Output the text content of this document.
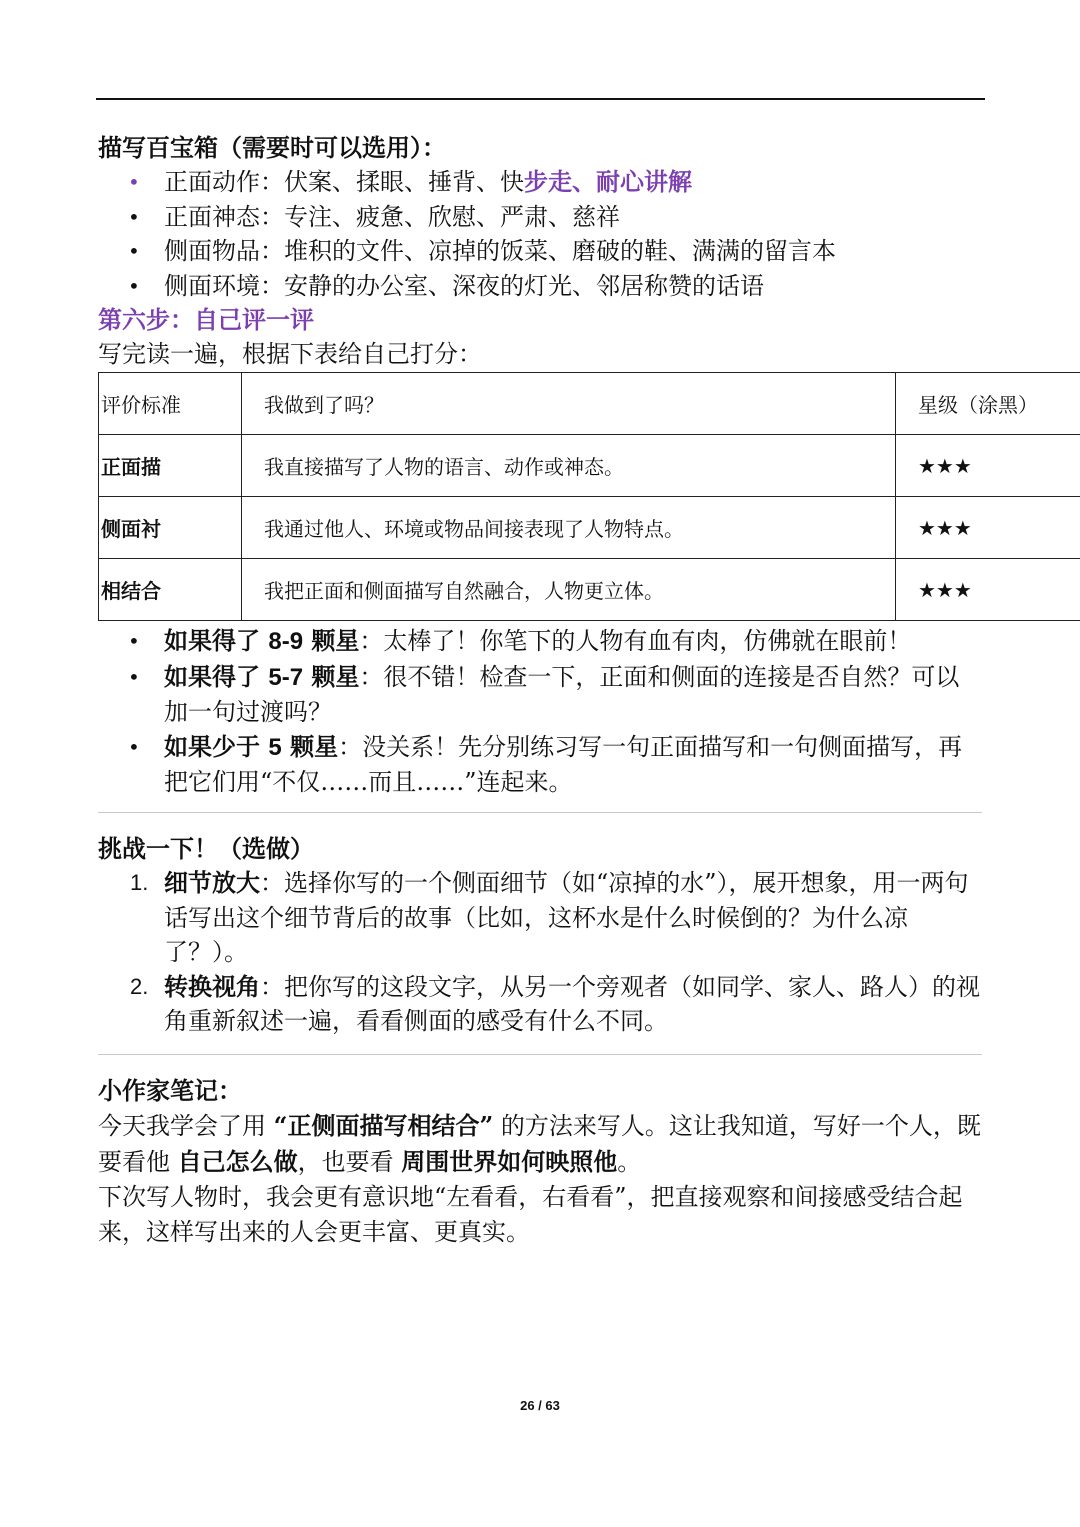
描写百宝箱（需要时可以选用）：
• 正面动作：伏案、揉眼、捶背、快步走、耐心讲解
• 正面神态：专注、疲惫、欣慰、严肃、慈祥
• 侧面物品：堆积的文件、凉掉的饭菜、磨破的鞋、满满的留言本
• 侧面环境：安静的办公室、深夜的灯光、邻居称赞的话语
第六步：自己评一评
写完读一遍，根据下表给自己打分：
评价标准	我做到了吗？	星级（涂黑）
正面描	我直接描写了人物的语言、动作或神态。	★★★
侧面衬	我通过他人、环境或物品间接表现了人物特点。	★★★
相结合	我把正面和侧面描写自然融合，人物更立体。	★★★
• 如果得了 8-9 颗星：太棒了！你笔下的人物有血有肉，仿佛就在眼前！
• 如果得了 5-7 颗星：很不错！检查一下，正面和侧面的连接是否自然？可以加一句过渡吗？
• 如果少于 5 颗星：没关系！先分别练习写一句正面描写和一句侧面描写，再把它们用“不仅……而且……”连起来。
挑战一下！（选做）
1. 细节放大：选择你写的一个侧面细节（如“凉掉的水”），展开想象，用一两句话写出这个细节背后的故事（比如，这杯水是什么时候倒的？为什么凉了？）。
2. 转换视角：把你写的这段文字，从另一个旁观者（如同学、家人、路人）的视角重新叙述一遍，看看侧面的感受有什么不同。
小作家笔记：
今天我学会了用 “正侧面描写相结合” 的方法来写人。这让我知道，写好一个人，既要看他 自己怎么做，也要看 周围世界如何映照他。
下次写人物时，我会更有意识地“左看看，右看看”，把直接观察和间接感受结合起来，这样写出来的人会更丰富、更真实。
26 / 63
